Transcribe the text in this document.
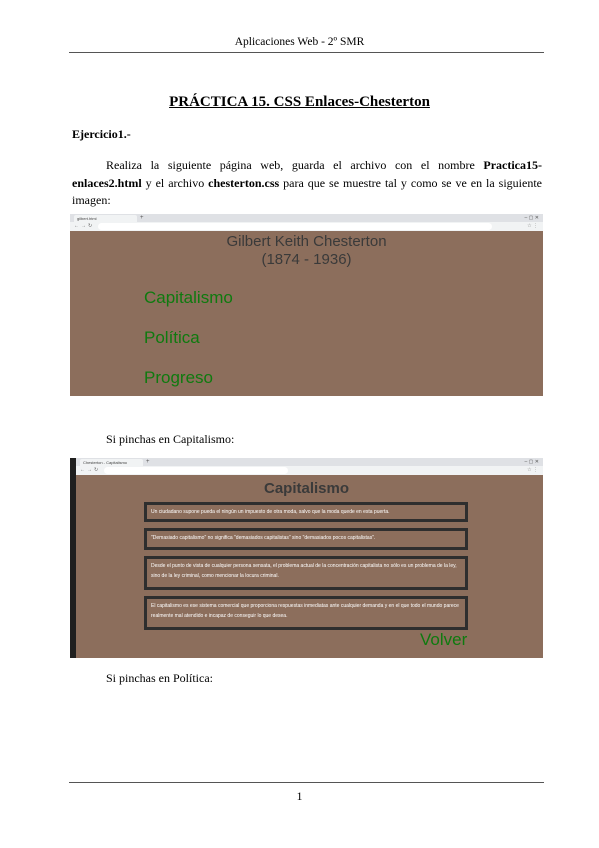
Aplicaciones Web - 2º SMR
PRÁCTICA 15. CSS Enlaces-Chesterton
Ejercicio1.-
Realiza la siguiente página web, guarda el archivo con el nombre Practica15-enlaces2.html y el archivo chesterton.css para que se muestre tal y como se ve en la siguiente imagen:
gilbert.html	+	– ▢ ✕
← → ↻	☆ ⋮
Gilbert Keith Chesterton
(1874 - 1936)
Capitalismo
Política
Progreso
Si pinchas en Capitalismo:
Chesterton - Capitalismo	+	– ▢ ✕
← → ↻	☆ ⋮
Capitalismo
Un ciudadano supone pueda el ningún un impuesto de otra moda, salvo que la moda quede en esta puerta.
"Demasiado capitalismo" no significa "demasiados capitalistas" sino "demasiados pocos capitalistas".
Desde el punto de vista de cualquier persona sensata, el problema actual de la concentración capitalista no sólo es un problema de la ley, sino de la ley criminal, como mencionar la locura criminal.
El capitalismo es ese sistema comercial que proporciona respuestas inmediatas ante cualquier demanda y en el que todo el mundo parece realmente mal atendido e incapaz de conseguir lo que desea.
Volver
Si pinchas en Política:
1
